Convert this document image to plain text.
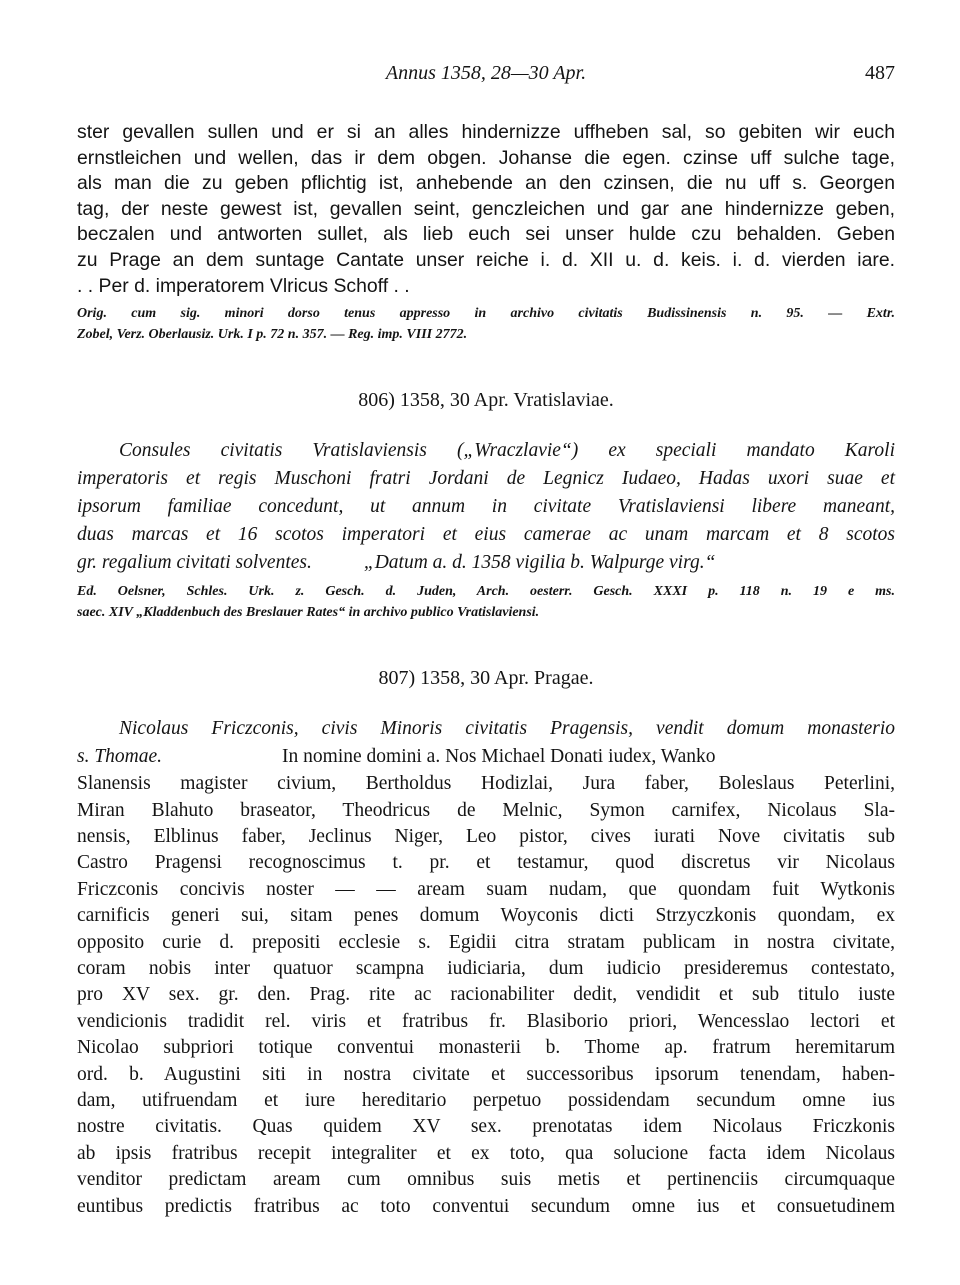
Annus 1358, 28—30 Apr.	487
ster gevallen sullen und er si an alles hindernizze uffheben sal, so gebiten wir euch
ernstleichen und wellen, das ir dem obgen. Johanse die egen. czinse uff sulche tage,
als man die zu geben pflichtig ist, anhebende an den czinsen, die nu uff s. Georgen
tag, der neste gewest ist, gevallen seint, genczleichen und gar ane hindernizze geben,
beczalen und antworten sullet, als lieb euch sei unser hulde czu behalden. Geben
zu Prage an dem suntage Cantate unser reiche i. d. XII u. d. keis. i. d. vierden iare.
. . Per d. imperatorem Vlricus Schoff . .
Orig. cum sig. minori dorso tenus appresso in archivo civitatis Budissinensis n. 95. — Extr.
Zobel, Verz. Oberlausiz. Urk. I p. 72 n. 357. — Reg. imp. VIII 2772.
806) 1358, 30 Apr. Vratislaviae.
Consules civitatis Vratislaviensis („Wraczlavie“) ex speciali mandato Karoli
imperatoris et regis Muschoni fratri Jordani de Legnicz Iudaeo, Hadas uxori suae et
ipsorum familiae concedunt, ut annum in civitate Vratislaviensi libere maneant,
duas marcas et 16 scotos imperatori et eius camerae ac unam marcam et 8 scotos
gr. regalium civitati solventes.	„Datum a. d. 1358 vigilia b. Walpurge virg.“
Ed. Oelsner, Schles. Urk. z. Gesch. d. Juden, Arch. oesterr. Gesch. XXXI p. 118 n. 19 e ms.
saec. XIV „Kladdenbuch des Breslauer Rates“ in archivo publico Vratislaviensi.
807) 1358, 30 Apr. Pragae.
Nicolaus Friczconis, civis Minoris civitatis Pragensis, vendit domum monasterio
s. Thomae.	In nomine domini a. Nos Michael Donati iudex, Wanko
Slanensis magister civium, Bertholdus Hodizlai, Jura faber, Boleslaus Peterlini,
Miran Blahuto braseator, Theodricus de Melnic, Symon carnifex, Nicolaus Sla-
nensis, Elblinus faber, Jeclinus Niger, Leo pistor, cives iurati Nove civitatis sub
Castro Pragensi recognoscimus t. pr. et testamur, quod discretus vir Nicolaus
Friczconis concivis noster — — aream suam nudam, que quondam fuit Wytkonis
carnificis generi sui, sitam penes domum Woyconis dicti Strzyczkonis quondam, ex
opposito curie d. prepositi ecclesie s. Egidii citra stratam publicam in nostra civitate,
coram nobis inter quatuor scampna iudiciaria, dum iudicio presideremus contestato,
pro XV sex. gr. den. Prag. rite ac racionabiliter dedit, vendidit et sub titulo iuste
vendicionis tradidit rel. viris et fratribus fr. Blasiborio priori, Wencesslao lectori et
Nicolao subpriori totique conventui monasterii b. Thome ap. fratrum heremitarum
ord. b. Augustini siti in nostra civitate et successoribus ipsorum tenendam, haben-
dam, utifruendam et iure hereditario perpetuo possidendam secundum omne ius
nostre civitatis. Quas quidem XV sex. prenotatas idem Nicolaus Friczkonis
ab ipsis fratribus recepit integraliter et ex toto, qua solucione facta idem Nicolaus
venditor predictam aream cum omnibus suis metis et pertinenciis circumquaque
euntibus predictis fratribus ac toto conventui secundum omne ius et consuetudinem
